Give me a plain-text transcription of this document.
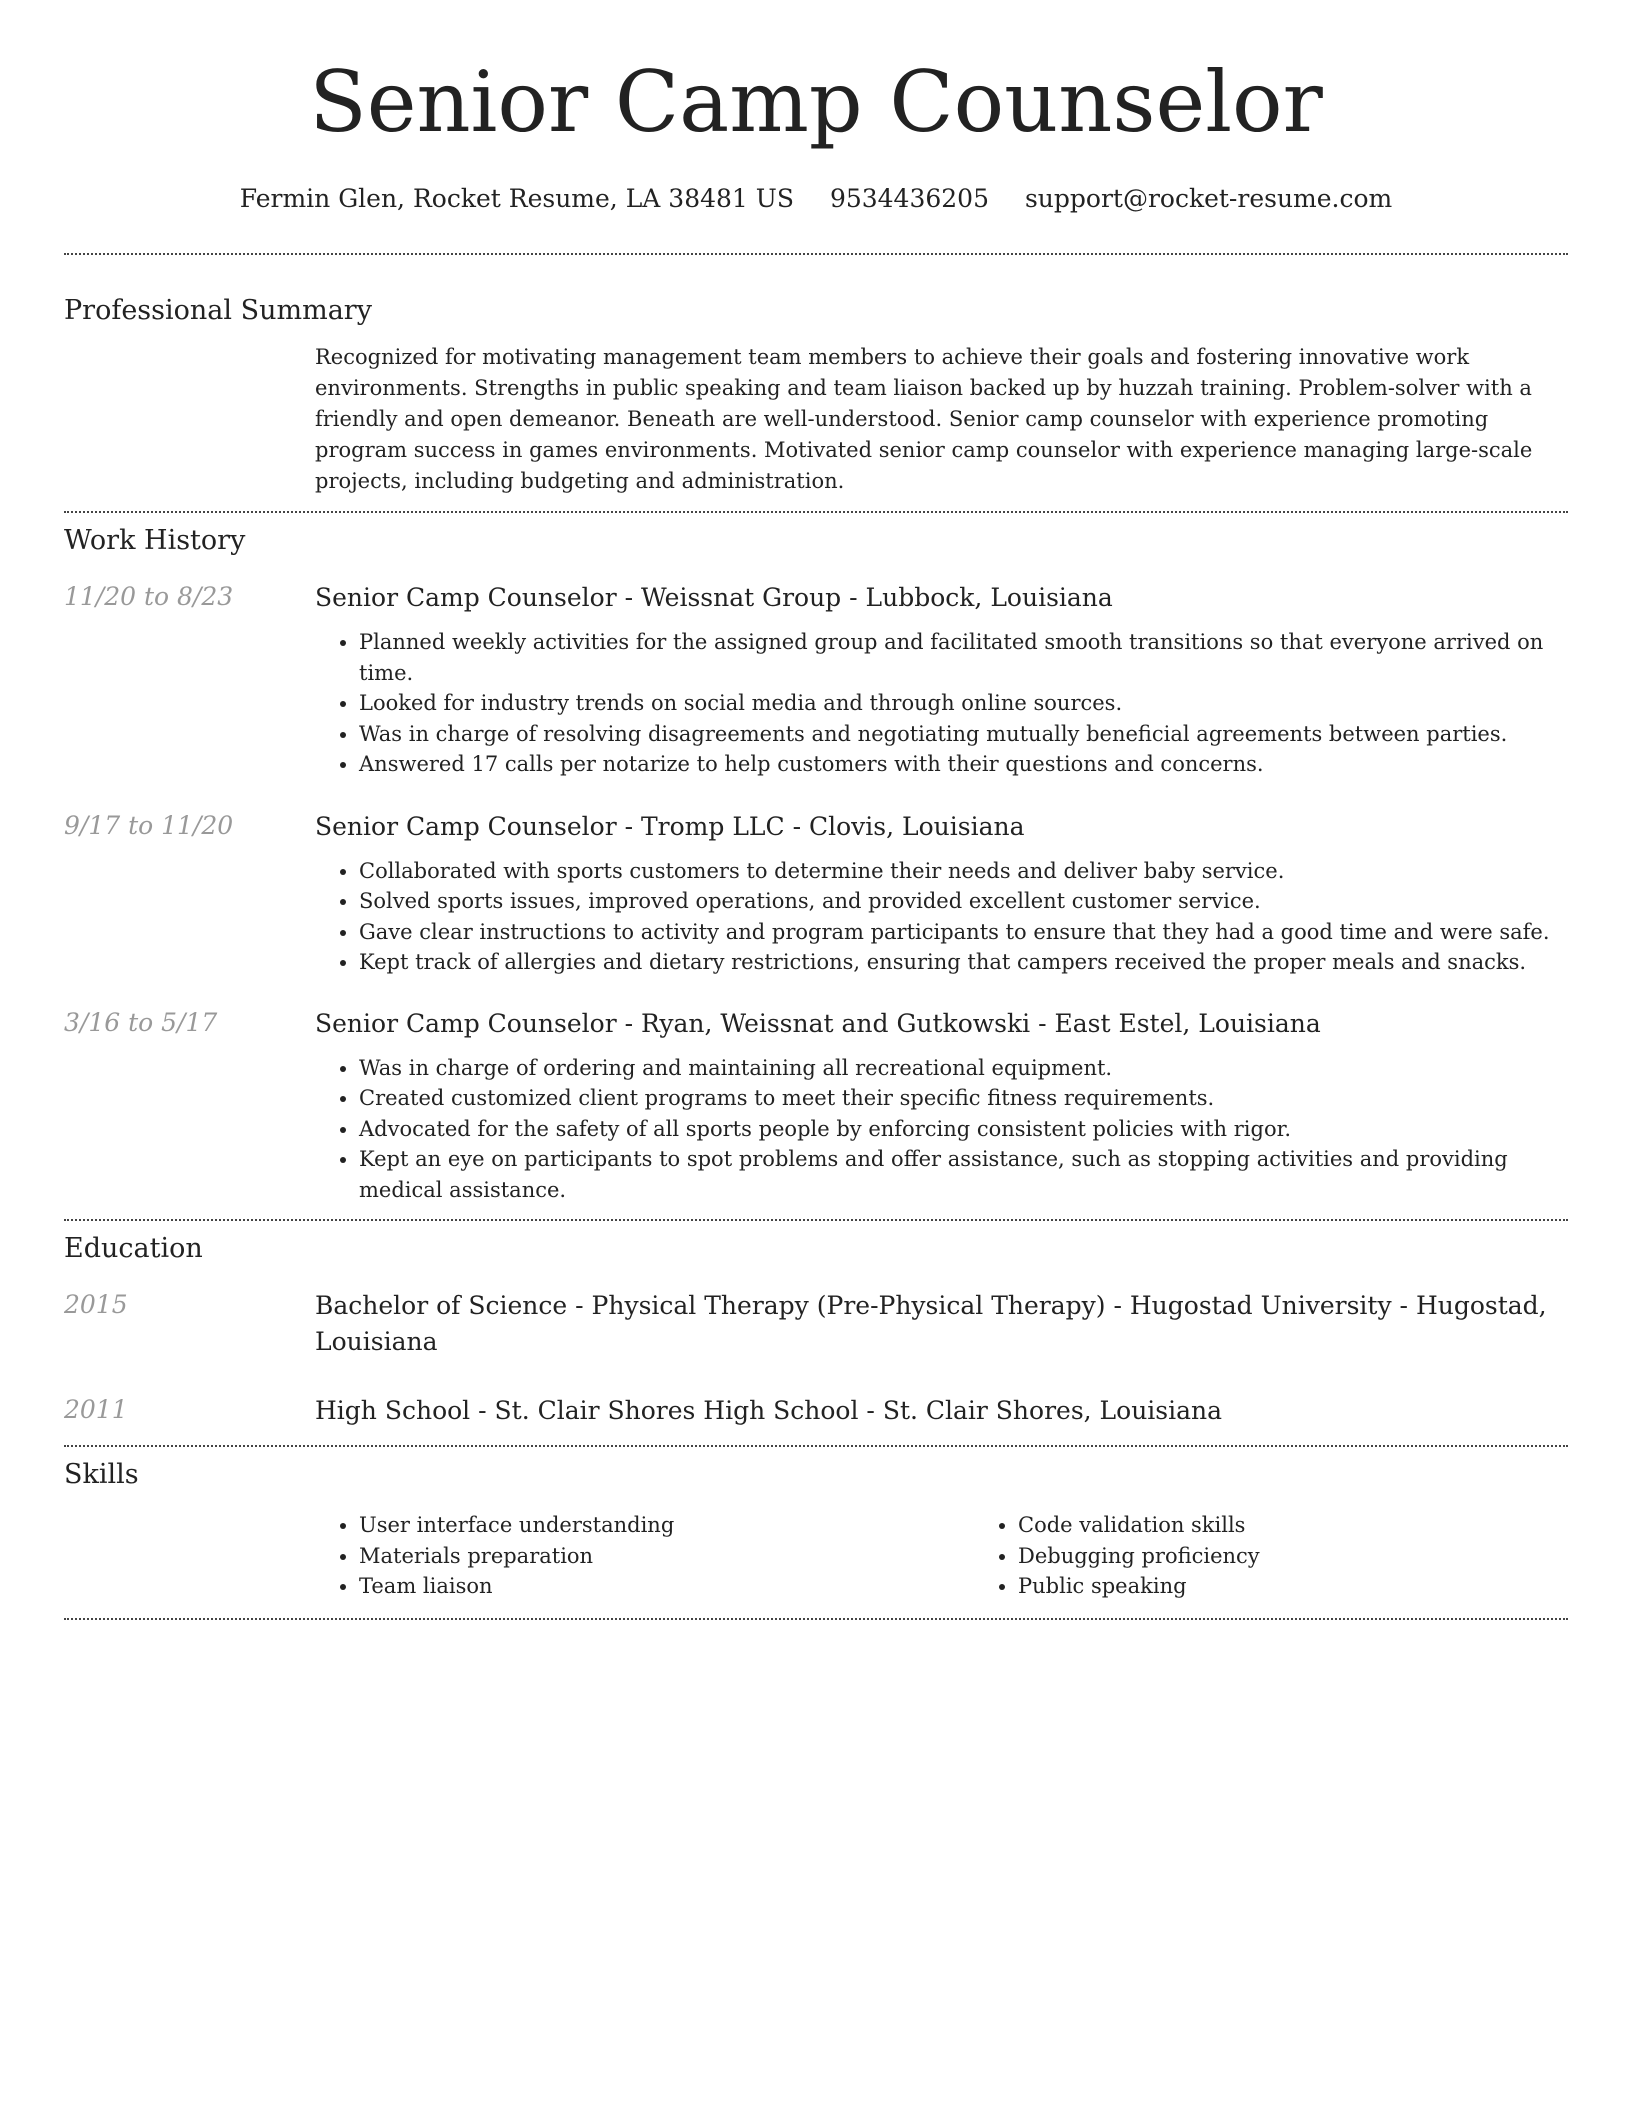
Senior Camp Counselor
Fermin Glen, Rocket Resume, LA 38481 US 9534436205 support@rocket-resume.com
Professional Summary
Recognized for motivating management team members to achieve their goals and fostering innovative work environments. Strengths in public speaking and team liaison backed up by huzzah training. Problem-solver with a friendly and open demeanor. Beneath are well-understood. Senior camp counselor with experience promoting program success in games environments. Motivated senior camp counselor with experience managing large-scale projects, including budgeting and administration.
Work History
11/20 to 8/23	Senior Camp Counselor - Weissnat Group - Lubbock, Louisiana
• Planned weekly activities for the assigned group and facilitated smooth transitions so that everyone arrived on time.
• Looked for industry trends on social media and through online sources.
• Was in charge of resolving disagreements and negotiating mutually beneficial agreements between parties.
• Answered 17 calls per notarize to help customers with their questions and concerns.
9/17 to 11/20	Senior Camp Counselor - Tromp LLC - Clovis, Louisiana
• Collaborated with sports customers to determine their needs and deliver baby service.
• Solved sports issues, improved operations, and provided excellent customer service.
• Gave clear instructions to activity and program participants to ensure that they had a good time and were safe.
• Kept track of allergies and dietary restrictions, ensuring that campers received the proper meals and snacks.
3/16 to 5/17	Senior Camp Counselor - Ryan, Weissnat and Gutkowski - East Estel, Louisiana
• Was in charge of ordering and maintaining all recreational equipment.
• Created customized client programs to meet their specific fitness requirements.
• Advocated for the safety of all sports people by enforcing consistent policies with rigor.
• Kept an eye on participants to spot problems and offer assistance, such as stopping activities and providing medical assistance.
Education
2015	Bachelor of Science - Physical Therapy (Pre-Physical Therapy) - Hugostad University - Hugostad, Louisiana
2011	High School - St. Clair Shores High School - St. Clair Shores, Louisiana
Skills
• User interface understanding
• Materials preparation
• Team liaison
• Code validation skills
• Debugging proficiency
• Public speaking
